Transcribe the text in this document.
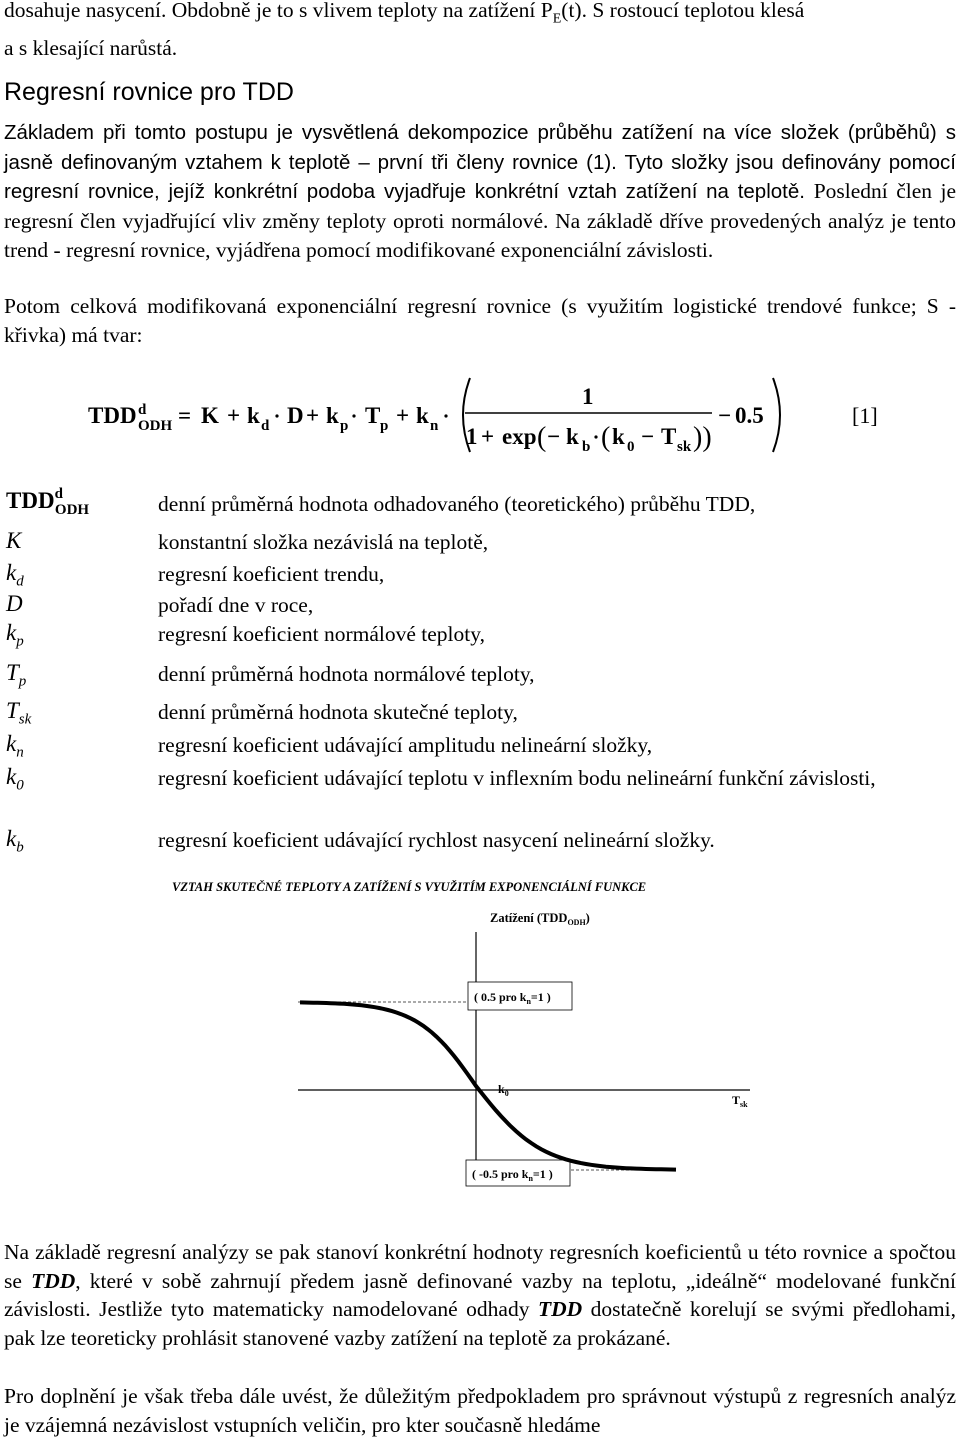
dosahuje nasycení. Obdobně je to s vlivem teploty na zatížení $P_E(t)$. S rostoucí teplotou klesá
a s klesající narůstá.
Regresní rovnice pro TDD
Základem při tomto postupu je vysvětlená dekompozice průběhu zatížení na více složek (průběhů) s jasně definovaným vztahem k teplotě – první tři členy rovnice (1). Tyto složky jsou definovány pomocí regresní rovnice, jejíž konkrétní podoba vyjadřuje konkrétní vztah zatížení na teplotě. Poslední člen je regresní člen vyjadřující vliv změny teploty oproti normálové. Na základě dříve provedených analýz je tento trend - regresní rovnice, vyjádřena pomocí modifikované exponenciální závislosti.
Potom celková modifikovaná exponenciální regresní rovnice (s využitím logistické trendové funkce; S -křivka) má tvar:
TDD d
ODH = K + k d D + k p T p + k n
1
1 + exp ( − k b ( k 0 − T sk ))
− 0.5	[1]
$TDD^d_{ODH}$	denní průměrná hodnota odhadovaného (teoretického) průběhu TDD,
K	konstantní složka nezávislá na teplotě,
$k_d$	regresní koeficient trendu,
D	pořadí dne v roce,
$k_p$	regresní koeficient normálové teploty,
$T_p$	denní průměrná hodnota normálové teploty,
$T_{sk}$	denní průměrná hodnota skutečné teploty,
$k_n$	regresní koeficient udávající amplitudu nelineární složky,
$k_0$	regresní koeficient udávající teplotu v inflexním bodu nelineární funkční závislosti,
$k_b$	regresní koeficient udávající rychlost nasycení nelineární složky.
VZTAH SKUTEČNÉ TEPLOTY A ZATÍŽENÍ S VYUŽITÍM EXPONENCIÁLNÍ FUNKCE
Zatížení $(TDD_{ODH})$
( 0.5 pro $k_n=1$ )
( -0.5 pro $k_n=1$ )
$k_0$	$T_{sk}$
Na základě regresní analýzy se pak stanoví konkrétní hodnoty regresních koeficientů u této rovnice a spočtou se TDD, které v sobě zahrnují předem jasně definované vazby na teplotu, „ideálně“ modelované funkční závislosti. Jestliže tyto matematicky namodelované odhady TDD dostatečně korelují se svými předlohami, pak lze teoreticky prohlásit stanovené vazby zatížení na teplotě za prokázané.
Pro doplnění je však třeba dále uvést, že důležitým předpokladem pro správnout výstupů z regresních analýz je vzájemná nezávislost vstupních veličin, pro kter současně hledáme
